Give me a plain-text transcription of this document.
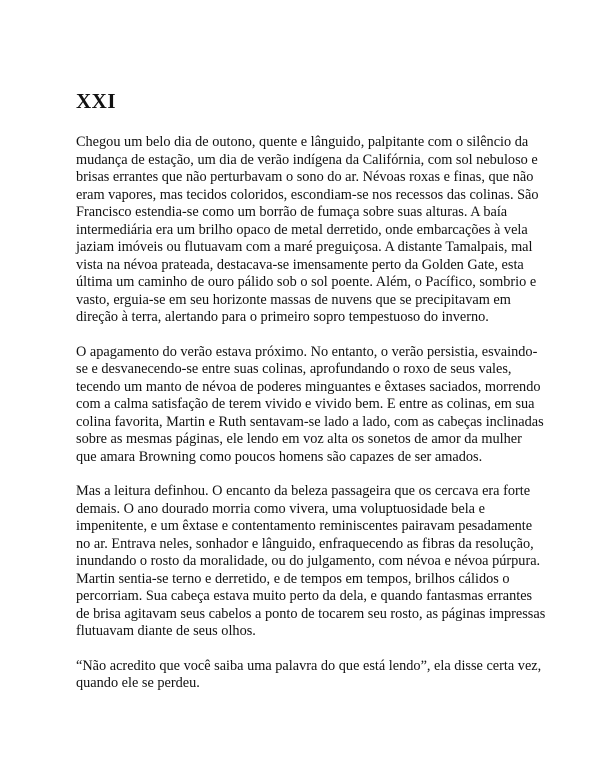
XXI

Chegou um belo dia de outono, quente e lânguido, palpitante com o silêncio da mudança de estação, um dia de verão indígena da Califórnia, com sol nebuloso e brisas errantes que não perturbavam o sono do ar. Névoas roxas e finas, que não eram vapores, mas tecidos coloridos, escondiam-se nos recessos das colinas. São Francisco estendia-se como um borrão de fumaça sobre suas alturas. A baía intermediária era um brilho opaco de metal derretido, onde embarcações à vela jaziam imóveis ou flutuavam com a maré preguiçosa. A distante Tamalpais, mal vista na névoa prateada, destacava-se imensamente perto da Golden Gate, esta última um caminho de ouro pálido sob o sol poente. Além, o Pacífico, sombrio e vasto, erguia-se em seu horizonte massas de nuvens que se precipitavam em direção à terra, alertando para o primeiro sopro tempestuoso do inverno.

O apagamento do verão estava próximo. No entanto, o verão persistia, esvaindo-se e desvanecendo-se entre suas colinas, aprofundando o roxo de seus vales, tecendo um manto de névoa de poderes minguantes e êxtases saciados, morrendo com a calma satisfação de terem vivido e vivido bem. E entre as colinas, em sua colina favorita, Martin e Ruth sentavam-se lado a lado, com as cabeças inclinadas sobre as mesmas páginas, ele lendo em voz alta os sonetos de amor da mulher que amara Browning como poucos homens são capazes de ser amados.

Mas a leitura definhou. O encanto da beleza passageira que os cercava era forte demais. O ano dourado morria como vivera, uma voluptuosidade bela e impenitente, e um êxtase e contentamento reminiscentes pairavam pesadamente no ar. Entrava neles, sonhador e lânguido, enfraquecendo as fibras da resolução, inundando o rosto da moralidade, ou do julgamento, com névoa e névoa púrpura. Martin sentia-se terno e derretido, e de tempos em tempos, brilhos cálidos o percorriam. Sua cabeça estava muito perto da dela, e quando fantasmas errantes de brisa agitavam seus cabelos a ponto de tocarem seu rosto, as páginas impressas flutuavam diante de seus olhos.

“Não acredito que você saiba uma palavra do que está lendo”, ela disse certa vez, quando ele se perdeu.
